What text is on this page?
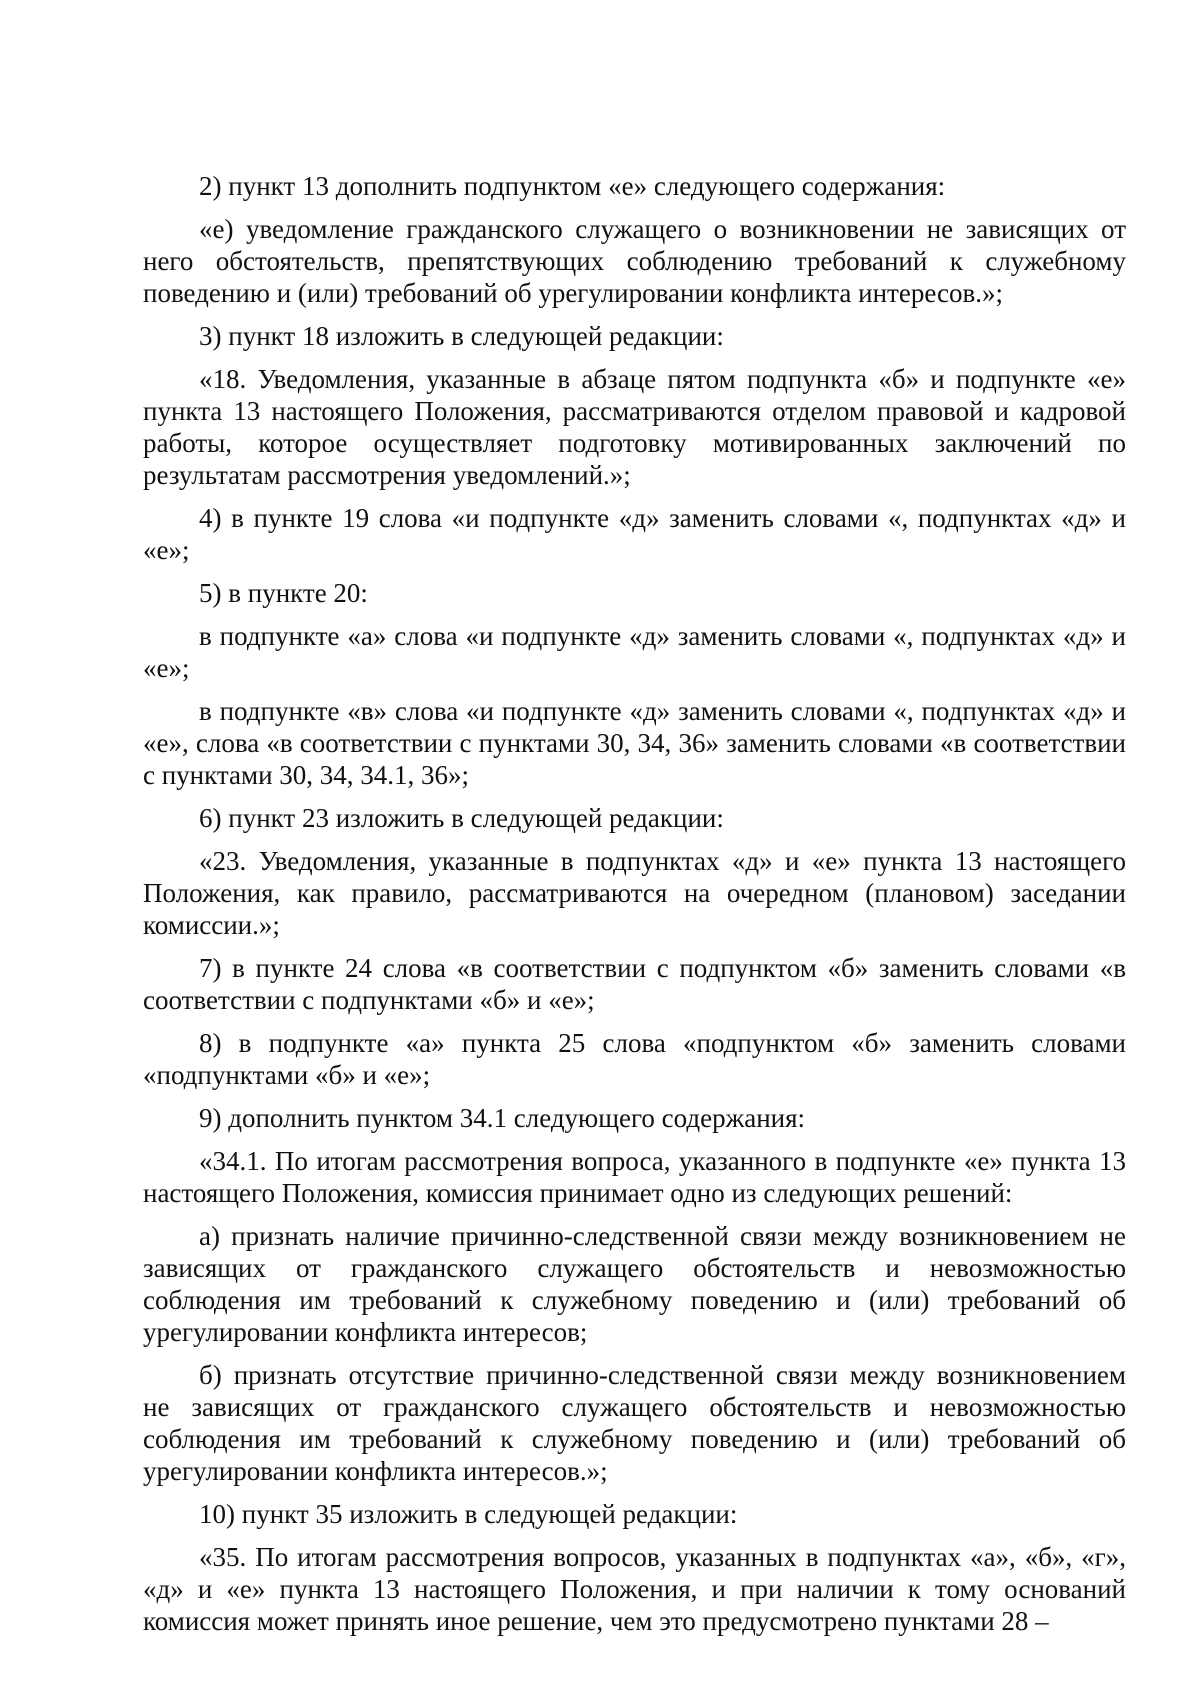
2) пункт 13 дополнить подпунктом «е» следующего содержания:

«е) уведомление гражданского служащего о возникновении не зависящих от него обстоятельств, препятствующих соблюдению требований к служебному поведению и (или) требований об урегулировании конфликта интересов.»;

3) пункт 18 изложить в следующей редакции:

«18. Уведомления, указанные в абзаце пятом подпункта «б» и подпункте «е» пункта 13 настоящего Положения, рассматриваются отделом правовой и кадровой работы, которое осуществляет подготовку мотивированных заключений по результатам рассмотрения уведомлений.»;

4) в пункте 19 слова «и подпункте «д» заменить словами «, подпунктах «д» и «е»;

5) в пункте 20:

в подпункте «а» слова «и подпункте «д» заменить словами «, подпунктах «д» и «е»;

в подпункте «в» слова «и подпункте «д» заменить словами «, подпунктах «д» и «е», слова «в соответствии с пунктами 30, 34, 36» заменить словами «в соответствии с пунктами 30, 34, 34.1, 36»;

6) пункт 23 изложить в следующей редакции:

«23. Уведомления, указанные в подпунктах «д» и «е» пункта 13 настоящего Положения, как правило, рассматриваются на очередном (плановом) заседании комиссии.»;

7) в пункте 24 слова «в соответствии с подпунктом «б» заменить словами «в соответствии с подпунктами «б» и «е»;

8) в подпункте «а» пункта 25 слова «подпунктом «б» заменить словами «подпунктами «б» и «е»;

9) дополнить пунктом 34.1 следующего содержания:

«34.1. По итогам рассмотрения вопроса, указанного в подпункте «е» пункта 13 настоящего Положения, комиссия принимает одно из следующих решений:

а) признать наличие причинно-следственной связи между возникновением не зависящих от гражданского служащего обстоятельств и невозможностью соблюдения им требований к служебному поведению и (или) требований об урегулировании конфликта интересов;

б) признать отсутствие причинно-следственной связи между возникновением не зависящих от гражданского служащего обстоятельств и невозможностью соблюдения им требований к служебному поведению и (или) требований об урегулировании конфликта интересов.»;

10) пункт 35 изложить в следующей редакции:

«35. По итогам рассмотрения вопросов, указанных в подпунктах «а», «б», «г», «д» и «е» пункта 13 настоящего Положения, и при наличии к тому оснований комиссия может принять иное решение, чем это предусмотрено пунктами 28 –
